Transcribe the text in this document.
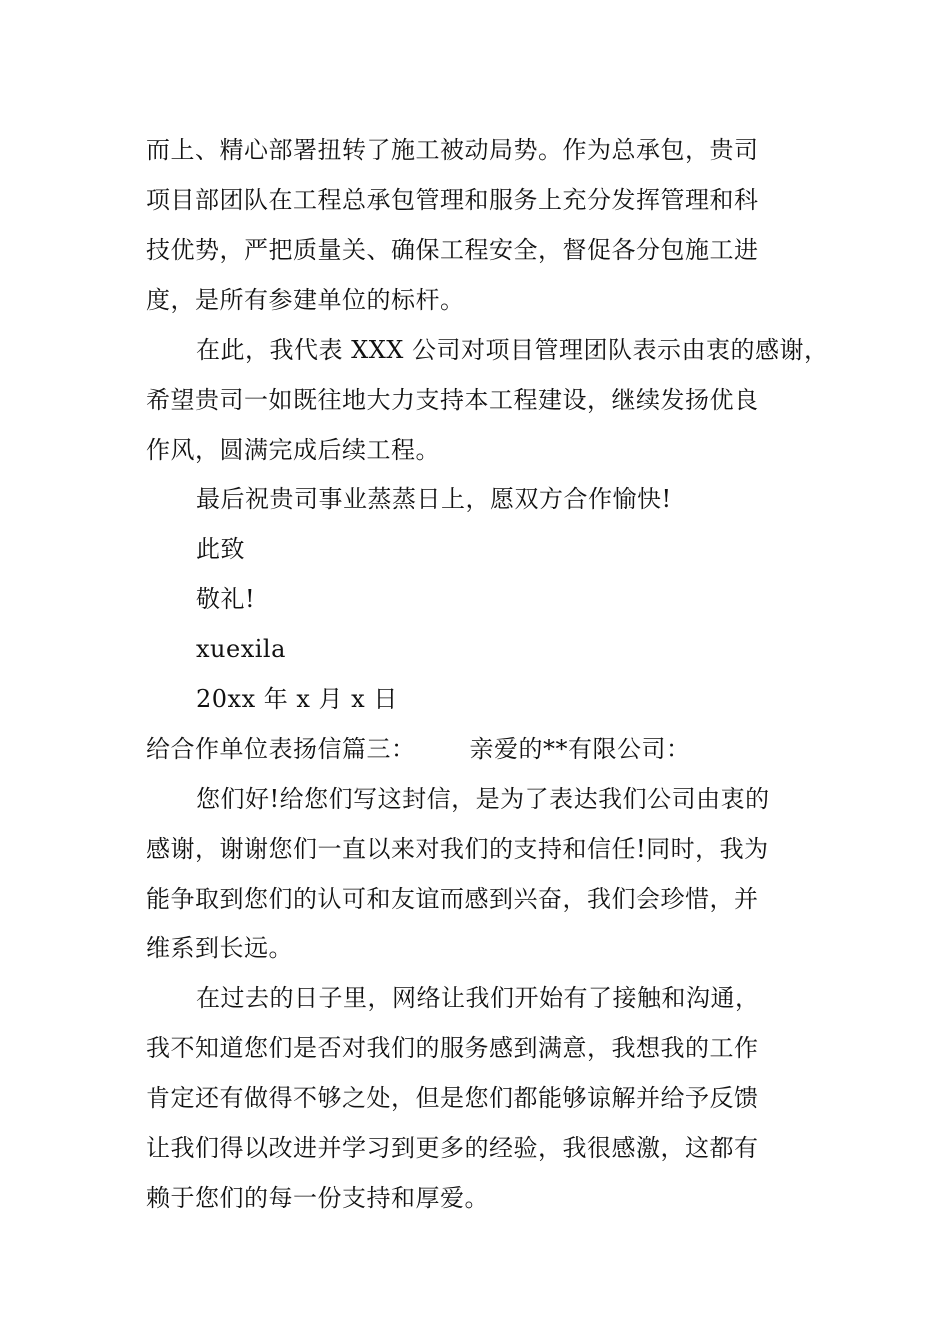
而上、精心部署扭转了施工被动局势。作为总承包，贵司
项目部团队在工程总承包管理和服务上充分发挥管理和科
技优势，严把质量关、确保工程安全，督促各分包施工进
度，是所有参建单位的标杆。
在此，我代表 XXX 公司对项目管理团队表示由衷的感谢，
希望贵司一如既往地大力支持本工程建设，继续发扬优良
作风，圆满完成后续工程。
最后祝贵司事业蒸蒸日上，愿双方合作愉快!
此致
敬礼!
xuexila
20xx 年 x 月 x 日
给合作单位表扬信篇三： 亲爱的**有限公司：
您们好!给您们写这封信，是为了表达我们公司由衷的
感谢，谢谢您们一直以来对我们的支持和信任!同时，我为
能争取到您们的认可和友谊而感到兴奋，我们会珍惜，并
维系到长远。
在过去的日子里，网络让我们开始有了接触和沟通，
我不知道您们是否对我们的服务感到满意，我想我的工作
肯定还有做得不够之处，但是您们都能够谅解并给予反馈
让我们得以改进并学习到更多的经验，我很感激，这都有
赖于您们的每一份支持和厚爱。
